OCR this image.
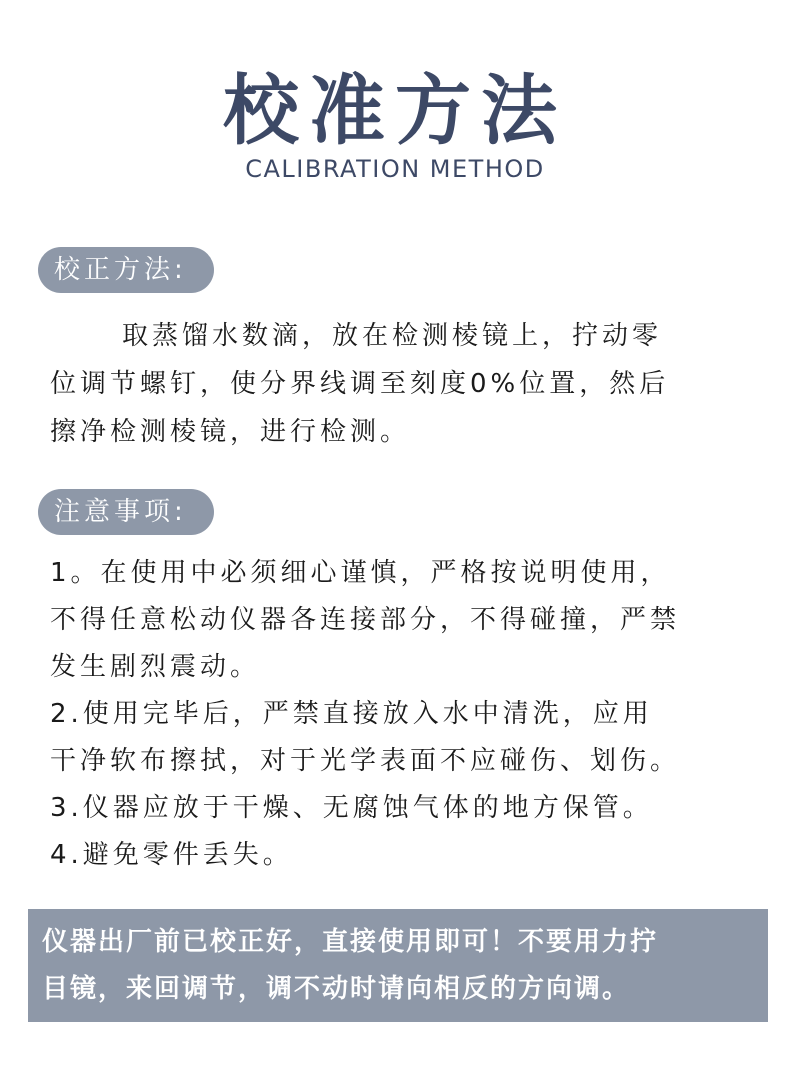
校准方法
CALIBRATION METHOD
校正方法:
取蒸馏水数滴，放在检测棱镜上，拧动零
位调节螺钉，使分界线调至刻度0%位置，然后
擦净检测棱镜，进行检测。
注意事项:
1。在使用中必须细心谨慎，严格按说明使用，
不得任意松动仪器各连接部分，不得碰撞，严禁
发生剧烈震动。
2.使用完毕后，严禁直接放入水中清洗，应用
干净软布擦拭，对于光学表面不应碰伤、划伤。
3.仪器应放于干燥、无腐蚀气体的地方保管。
4.避免零件丢失。
仪器出厂前已校正好，直接使用即可！不要用力拧
目镜，来回调节，调不动时请向相反的方向调。
